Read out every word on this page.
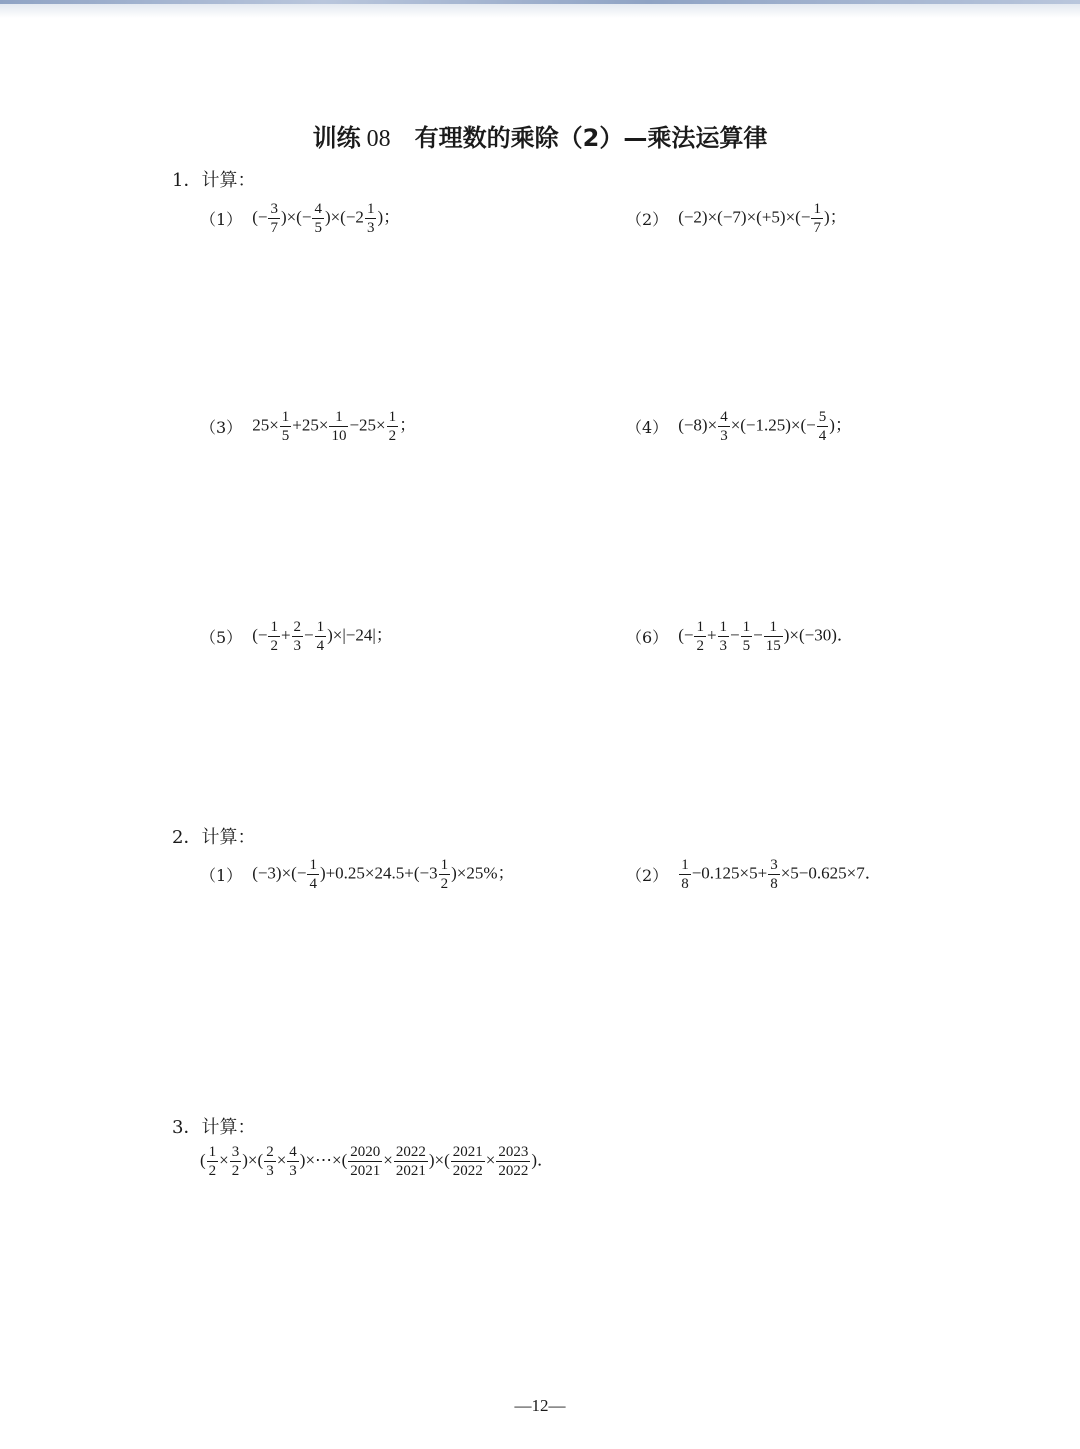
训练 08 有理数的乘除（2）—乘法运算律
1．计算：
（1） (− $\frac{3}{7}$ )×(− $\frac{4}{5} )\times(-2 \frac{1}{3}$ )；	（2） $(-2)\times(-7)\times(+5)\times(- \frac{1}{7}$ )；
（3） $25\times \frac{1}{5} +25\times \frac{1}{10} -25\times \frac{1}{2}$ ；	（4） $(-8)\times \frac{4}{3} \times(-1.25)\times(- \frac{5}{4}$ )；
（5） (− $\frac{1}{2} + \frac{2}{3} - \frac{1}{4} )\times|-24|$；	（6） (− $\frac{1}{2} + \frac{1}{3} - \frac{1}{5} - \frac{1}{15} )\times(-30)$．
2．计算：
（1） $(-3)\times(- \frac{1}{4} )+0.25\times 24.5+(-3 \frac{1}{2} )\times 25\%$；	$(2) \frac{1}{8} -0.125\times 5+ \frac{3}{8} \times 5-0.625\times 7$．
3．计算：
( $\frac{1}{2} \times \frac{3}{2}$ )×( $\frac{2}{3} \times \frac{4}{3}$ )×⋯×( $\frac{2020}{2021} \times \frac{2022}{2021}$ )×( $\frac{2021}{2022} \times \frac{2023}{2022}$ )．
—12—
